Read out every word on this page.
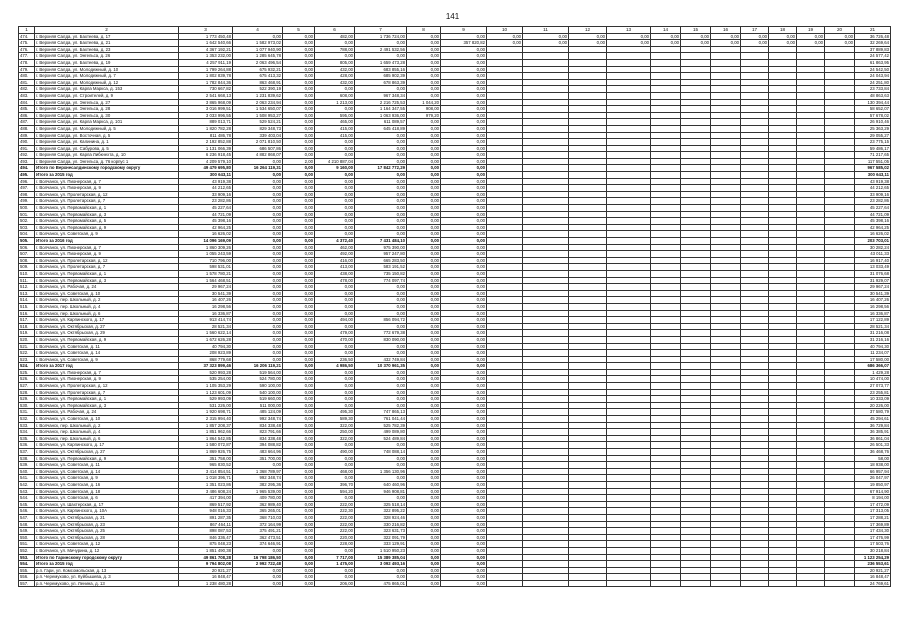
141
1	2	3	4	5	6	7	8	9	10	11	12	13	14	15	16	17	18	19	20	21
474.	г. Верхняя Салда, ул. Бахтеева, д. 17	1 773 450,48	0,00	0,00	482,00	1 736 724,00	0,00	0,00	0,00	0,00	0,00	0,00	0,00	0,00	0,00	0,00	0,00	0,00	0,00	36 726,48
475.	г. Верхняя Салда, ул. Бахтеева, д. 21	1 642 540,66	1 582 973,02	0,00	0,00	0,00	0,00	357 820,82	0,00	0,00	0,00	0,00	0,00	0,00	0,00	0,00	0,00	0,00	0,00	32 269,64
476.	г. Верхняя Салда, ул. Бахтеева, д. 23	4 367 192,21	1 077 940,90	0,00	788,00	2 491 532,56	0,00	0,00												37 889,83
477.	г. Верхняя Салда, ул. Энгельса, д. 26	1 353 232,00	1 285 645,78	0,00	0,00	0,00	0,00	0,00												24 577,42
478.	г. Верхняя Салда, ул. Бахтеева, д. 19	4 257 911,19	2 063 496,54	0,00	805,00	1 659 473,28	0,00	0,00												61 863,95
479.	г. Верхняя Салда, ул. Молодежный, д. 10	1 799 264,88	675 932,21	0,00	432,00	683 855,16	0,00	0,00												24 542,50
480.	г. Верхняя Салда, ул. Молодежный, д. 7	1 802 839,78	675 413,32	0,00	428,00	685 902,39	0,00	0,00												24 043,94
481.	г. Верхняя Салда, ул. Молодежный, д. 12	1 782 844,36	863 468,91	0,00	432,00	678 863,39	0,00	0,00												24 251,80
482.	г. Верхняя Салда, ул. Карла Маркса, д. 153	730 667,82	522 390,19	0,00	0,00	0,00	0,00	0,00												23 733,84
483.	г. Верхняя Салда, ул. Строителей, д. 9	2 541 668,13	1 231 839,62	0,00	608,00	967 348,34	0,00	0,00												48 863,63
484.	г. Верхняя Салда, ул. Энгельса, д. 27	3 865 968,09	2 063 234,94	0,00	1 213,00	2 216 725,53	1 044,20	0,00												130 394,44
485.	г. Верхняя Салда, ул. Энгельса, д. 28	3 016 999,51	1 534 650,07	0,00	0,00	1 164 347,55	908,00	0,00												58 652,07
486.	г. Верхняя Салда, ул. Энгельса, д. 30	3 033 996,55	1 508 953,27	0,00	595,00	1 063 936,00	979,20	0,00												57 678,02
487.	г. Верхняя Салда, ул. Карла Маркса, д. 101	889 013,71	529 524,21	0,00	465,00	611 089,57	0,00	0,00												26 910,46
488.	г. Верхняя Салда, ул. Молодежный, д. 5	1 820 782,28	829 348,73	0,00	415,00	645 418,89	0,00	0,00												25 363,29
489.	г. Верхняя Салда, ул. Восточная, д. 5	811 486,78	339 403,04	0,00	415,00	0,00	0,00	0,00												29 055,27
490.	г. Верхняя Салда, ул. Калинина, д. 1	2 192 852,88	2 071 810,50	0,00	0,00	0,00	0,00	0,00												23 775,15
491.	г. Верхняя Салда, ул. Сабурова, д. 5	1 131 066,39	686 507,86	0,00	0,00	0,00	0,00	0,00												59 486,17
492.	г. Верхняя Салда, ул. Карла Либкнехта, д. 10	6 236 918,45	4 882 868,07	0,00	0,00	0,00	0,00	0,00												71 217,65
493.	г. Верхняя Салда, ул. Энгельса, д. 76 корпус 1	4 209 579,10	0,00	2,00	4 210 887,04	0,00	0,00	0,00												117 551,05
494.	Итого по Верхнесалдинскому городскому округу	49 479 695,80	16 264 119,31	0,00	9 160,00	17 842 772,29	0,00	0,00												967 585,02
495.	Итого за 2015 год	300 643,11	0,00	0,00	0,00	0,00	0,00	0,00												300 643,11
496.	г. Волчанск, ул. Пионерская, д. 7	43 919,38	0,00	0,00	0,00	0,00	0,00	0,00												43 919,38
497.	г. Волчанск, ул. Пионерская, д. 9	44 212,65	0,00	0,00	0,00	0,00	0,00	0,00												44 212,65
498.	г. Волчанск, ул. Пролетарская, д. 12	33 909,16	0,00	0,00	0,00	0,00	0,00	0,00												33 909,16
499.	г. Волчанск, ул. Пролетарская, д. 7	23 282,86	0,00	0,00	0,00	0,00	0,00	0,00												23 282,86
500.	г. Волчанск, ул. Первомайская, д. 1	45 227,64	0,00	0,00	0,00	0,00	0,00	0,00												45 227,64
501.	г. Волчанск, ул. Первомайская, д. 3	44 721,09	0,00	0,00	0,00	0,00	0,00	0,00												44 721,09
502.	г. Волчанск, ул. Первомайская, д. 5	45 398,16	0,00	0,00	0,00	0,00	0,00	0,00												45 398,16
503.	г. Волчанск, ул. Первомайская, д. 9	42 964,25	0,00	0,00	0,00	0,00	0,00	0,00												42 964,25
504.	г. Волчанск, ул. Советская, д. 9	16 626,02	0,00	0,00	0,00	0,00	0,00	0,00												16 626,02
505.	Итого за 2016 год	14 096 169,09	0,00	0,00	4 372,40	7 431 484,10	0,00	0,00												203 703,01
506.	г. Волчанск, ул. Пионерская, д. 7	1 860 309,26	0,00	0,00	462,00	975 390,00	0,00	0,00												30 282,24
507.	г. Волчанск, ул. Пионерская, д. 9	1 055 243,59	0,00	0,00	492,00	957 247,80	0,00	0,00												43 011,33
508.	г. Волчанск, ул. Пролетарская, д. 12	710 796,00	0,00	0,00	416,00	665 283,50	0,00	0,00												16 917,40
509.	г. Волчанск, ул. Пролетарская, д. 7	598 531,01	0,00	0,00	413,00	583 191,52	0,00	0,00												13 033,49
510.	г. Волчанск, ул. Первомайская, д. 1	1 578 780,21	0,00	0,00	438,00	735 150,82	0,00	0,00												31 076,68
511.	г. Волчанск, ул. Первомайская, д. 3	1 564 468,51	0,00	0,00	478,00	774 097,74	0,00	0,00												31 929,07
512.	г. Волчанск, ул. Рабочая, д. 24	29 967,24	0,00	0,00	0,00	0,00	0,00	0,00												29 967,24
513.	г. Волчанск, ул. Советская, д. 10	30 541,39	0,00	0,00	0,00	0,00	0,00	0,00												30 541,39
514.	г. Волчанск, пер. Школьный, д. 2	16 407,26	0,00	0,00	0,00	0,00	0,00	0,00												16 407,26
515.	г. Волчанск, пер. Школьный, д. 4	16 298,56	0,00	0,00	0,00	0,00	0,00	0,00												16 298,56
516.	г. Волчанск, пер. Школьный, д. 6	16 336,87	0,00	0,00	0,00	0,00	0,00	0,00												16 336,87
517.	г. Волчанск, ул. Карпинского, д. 17	913 414,74	0,00	0,00	494,00	856 094,72	0,00	0,00												17 122,89
518.	г. Волчанск, ул. Октябрьская, д. 27	28 521,34	0,00	0,00	0,00	0,00	0,00	0,00												28 521,34
519.	г. Волчанск, ул. Октябрьская, д. 29	1 560 622,14	0,00	0,00	479,00	772 679,38	0,00	0,00												31 216,08
520.	г. Волчанск, ул. Первомайская, д. 9	1 672 626,28	0,00	0,00	470,00	830 090,00	0,00	0,00												31 216,16
521.	г. Волчанск, ул. Советская, д. 11	40 794,30	0,00	0,00	0,00	0,00	0,00	0,00												40 794,30
522.	г. Волчанск, ул. Советская, д. 14	208 923,89	0,00	0,00	0,00	0,00	0,00	0,00												11 234,07
523.	г. Волчанск, ул. Советская, д. 9	868 779,68	0,00	0,00	236,50	432 749,84	0,00	0,00												17 580,00
524.	Итого за 2017 год	37 323 899,46	16 206 119,21	0,00	4 986,50	10 370 961,35	0,00	0,00												686 366,07
525.	г. Волчанск, ул. Пионерская, д. 7	520 993,28	519 564,00	0,00	0,00	0,00	0,00	0,00												1 429,28
526.	г. Волчанск, ул. Пионерская, д. 9	535 254,00	524 780,00	0,00	0,00	0,00	0,00	0,00												10 474,00
527.	г. Волчанск, ул. Пролетарская, д. 12	1 105 353,29	590 100,00	0,00	0,00	0,00	0,00	0,00												27 073,77
528.	г. Волчанск, ул. Пролетарская, д. 7	1 123 601,09	540 100,00	0,00	0,00	0,00	0,00	0,00												23 255,81
529.	г. Волчанск, ул. Первомайская, д. 1	529 993,09	519 660,00	0,00	0,00	0,00	0,00	0,00												10 333,09
530.	г. Волчанск, ул. Первомайская, д. 3	531 226,00	511 000,00	0,00	0,00	0,00	0,00	0,00												20 226,00
531.	г. Волчанск, ул. Рабочая, д. 24	1 920 698,71	485 124,09	0,00	495,30	747 865,13	0,00	0,00												37 580,79
532.	г. Волчанск, ул. Советская, д. 10	2 315 994,40	992 348,74	0,00	589,30	761 041,44	0,00	0,00												45 294,61
533.	г. Волчанск, пер. Школьный, д. 2	1 857 208,37	834 338,48	0,00	322,00	525 782,39	0,00	0,00												36 729,84
534.	г. Волчанск, пер. Школьный, д. 4	1 851 962,66	823 791,66	0,00	250,00	499 089,80	0,00	0,00												36 385,91
535.	г. Волчанск, пер. Школьный, д. 6	1 864 542,85	834 338,48	0,00	322,00	524 489,84	0,00	0,00												36 861,04
536.	г. Волчанск, ул. Карпинского, д. 17	1 580 072,87	394 088,82	0,00	0,00	0,00	0,00	0,00												26 501,33
537.	г. Волчанск, ул. Октябрьская, д. 27	1 869 926,75	483 664,96	0,00	490,00	748 088,14	0,00	0,00												36 468,76
538.	г. Волчанск, ул. Первомайская, д. 9	351 758,00	351 700,00	0,00	0,00	0,00	0,00	0,00												58,00
539.	г. Волчанск, ул. Советская, д. 11	965 830,52	0,00	0,00	0,00	0,00	0,00	0,00												18 938,00
540.	г. Волчанск, ул. Советская, д. 14	3 414 854,51	1 368 789,97	0,00	468,00	1 356 130,96	0,00	0,00												66 957,94
541.	г. Волчанск, ул. Советская, д. 9	1 018 396,71	992 348,74	0,00	0,00	0,00	0,00	0,00												26 047,97
542.	г. Волчанск, ул. Советская, д. 16	1 351 023,86	382 295,36	0,00	396,70	640 460,96	0,00	0,00												19 850,97
543.	г. Волчанск, ул. Советская, д. 18	3 486 608,24	1 965 539,00	0,00	594,20	946 908,81	0,00	0,00												67 914,90
544.	г. Волчанск, ул. Советская, д. 6	417 394,00	409 780,00	0,00	0,00	0,00	0,00	0,00												8 194,00
545.	г. Волчанск, ул. Шахтерская, д. 17	869 517,92	362 989,40	0,00	222,00	325 518,14	0,00	0,00												17 472,09
546.	г. Волчанск, ул. Карпинского, д. 10А	948 016,33	365 265,01	0,00	222,30	322 895,22	0,00	0,00												17 313,05
547.	г. Волчанск, ул. Октябрьская, д. 21	891 287,35	368 710,03	0,00	222,00	328 924,46	0,00	0,00												17 288,21
548.	г. Волчанск, ул. Октябрьская, д. 23	867 464,11	372 164,99	0,00	222,00	330 216,82	0,00	0,00												17 369,89
549.	г. Волчанск, ул. Октябрьская, д. 25	898 087,53	375 491,21	0,00	222,00	323 631,73	0,00	0,00												17 434,30
550.	г. Волчанск, ул. Октябрьская, д. 28	846 336,47	362 473,51	0,00	220,00	322 091,79	0,00	0,00												17 476,99
551.	г. Волчанск, ул. Советская, д. 12	875 048,23	374 646,91	0,00	228,00	333 129,91	0,00	0,00												17 503,76
552.	г. Волчанск, ул. Мичурина, д. 12	1 851 490,38	0,00	0,00	0,00	1 510 950,23	0,00	0,00												30 218,84
553.	Итого по Гаринскому городскому округу	49 861 708,28	16 798 186,50	0,00	7 717,00	15 389 385,04	0,00	0,00												1 123 254,29
554.	Итого за 2015 год	9 794 802,08	2 992 722,48	0,00	1 475,00	3 092 493,16	0,00	0,00												236 553,61
555.	р.п. Гари, ул. Комсомольская, д. 13	20 921,27	0,00	0,00	0,00	0,00	0,00	0,00												20 921,27
556.	р.п. Черемухово, ул. Куйбышева, д. 3	16 848,47	0,00	0,00	0,00	0,00	0,00	0,00												16 848,47
557.	р.п. Черемухово, ул. Ленина, д. 13	1 238 480,28	0,00	0,00	206,00	475 865,01	0,00	0,00												24 769,61
